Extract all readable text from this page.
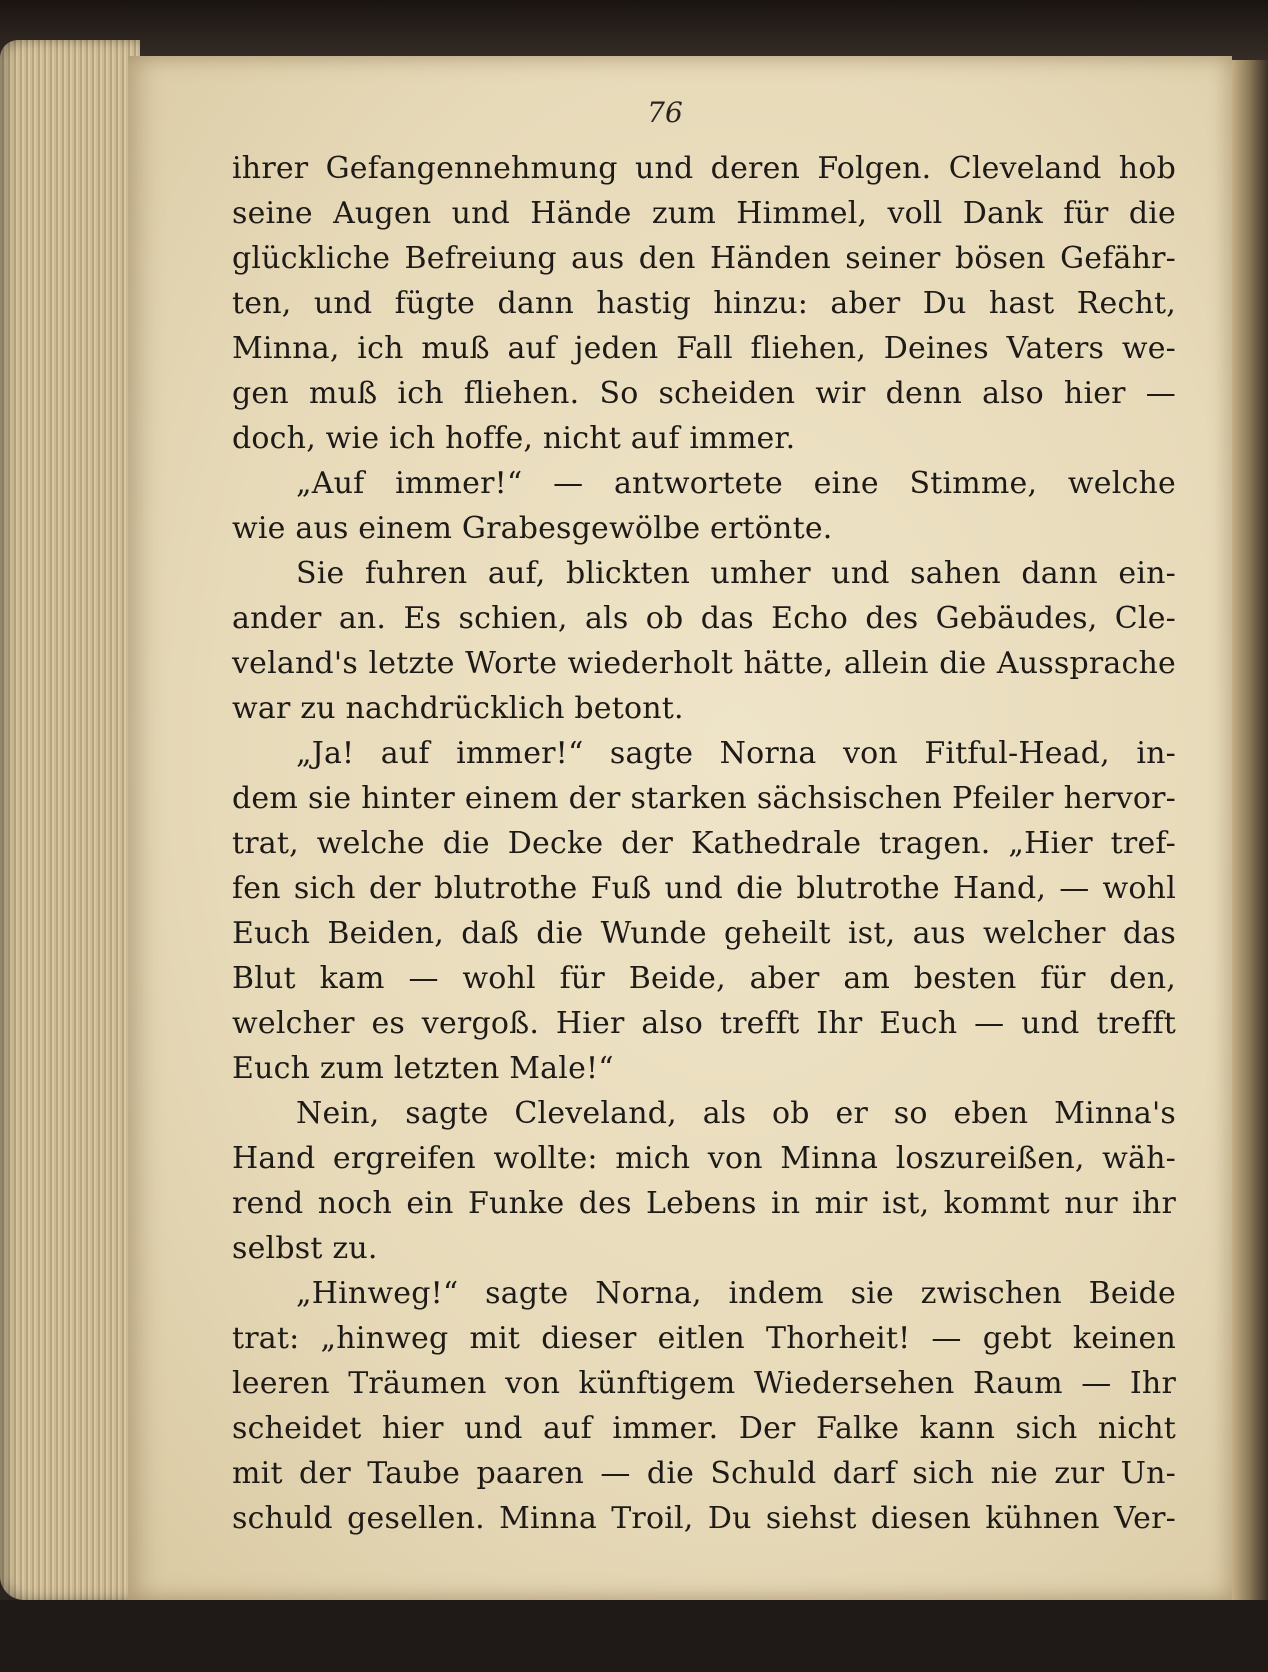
76
ihrer Gefangennehmung und deren Folgen. Cleveland hob
seine Augen und Hände zum Himmel, voll Dank für die
glückliche Befreiung aus den Händen seiner bösen Gefähr-
ten, und fügte dann hastig hinzu: aber Du hast Recht,
Minna, ich muß auf jeden Fall fliehen, Deines Vaters we-
gen muß ich fliehen. So scheiden wir denn also hier —
doch, wie ich hoffe, nicht auf immer.
„Auf immer!“ — antwortete eine Stimme, welche
wie aus einem Grabesgewölbe ertönte.
Sie fuhren auf, blickten umher und sahen dann ein-
ander an. Es schien, als ob das Echo des Gebäudes, Cle-
veland's letzte Worte wiederholt hätte, allein die Aussprache
war zu nachdrücklich betont.
„Ja! auf immer!“ sagte Norna von Fitful-Head, in-
dem sie hinter einem der starken sächsischen Pfeiler hervor-
trat, welche die Decke der Kathedrale tragen. „Hier tref-
fen sich der blutrothe Fuß und die blutrothe Hand, — wohl
Euch Beiden, daß die Wunde geheilt ist, aus welcher das
Blut kam — wohl für Beide, aber am besten für den,
welcher es vergoß. Hier also trefft Ihr Euch — und trefft
Euch zum letzten Male!“
Nein, sagte Cleveland, als ob er so eben Minna's
Hand ergreifen wollte: mich von Minna loszureißen, wäh-
rend noch ein Funke des Lebens in mir ist, kommt nur ihr
selbst zu.
„Hinweg!“ sagte Norna, indem sie zwischen Beide
trat: „hinweg mit dieser eitlen Thorheit! — gebt keinen
leeren Träumen von künftigem Wiedersehen Raum — Ihr
scheidet hier und auf immer. Der Falke kann sich nicht
mit der Taube paaren — die Schuld darf sich nie zur Un-
schuld gesellen. Minna Troil, Du siehst diesen kühnen Ver-
